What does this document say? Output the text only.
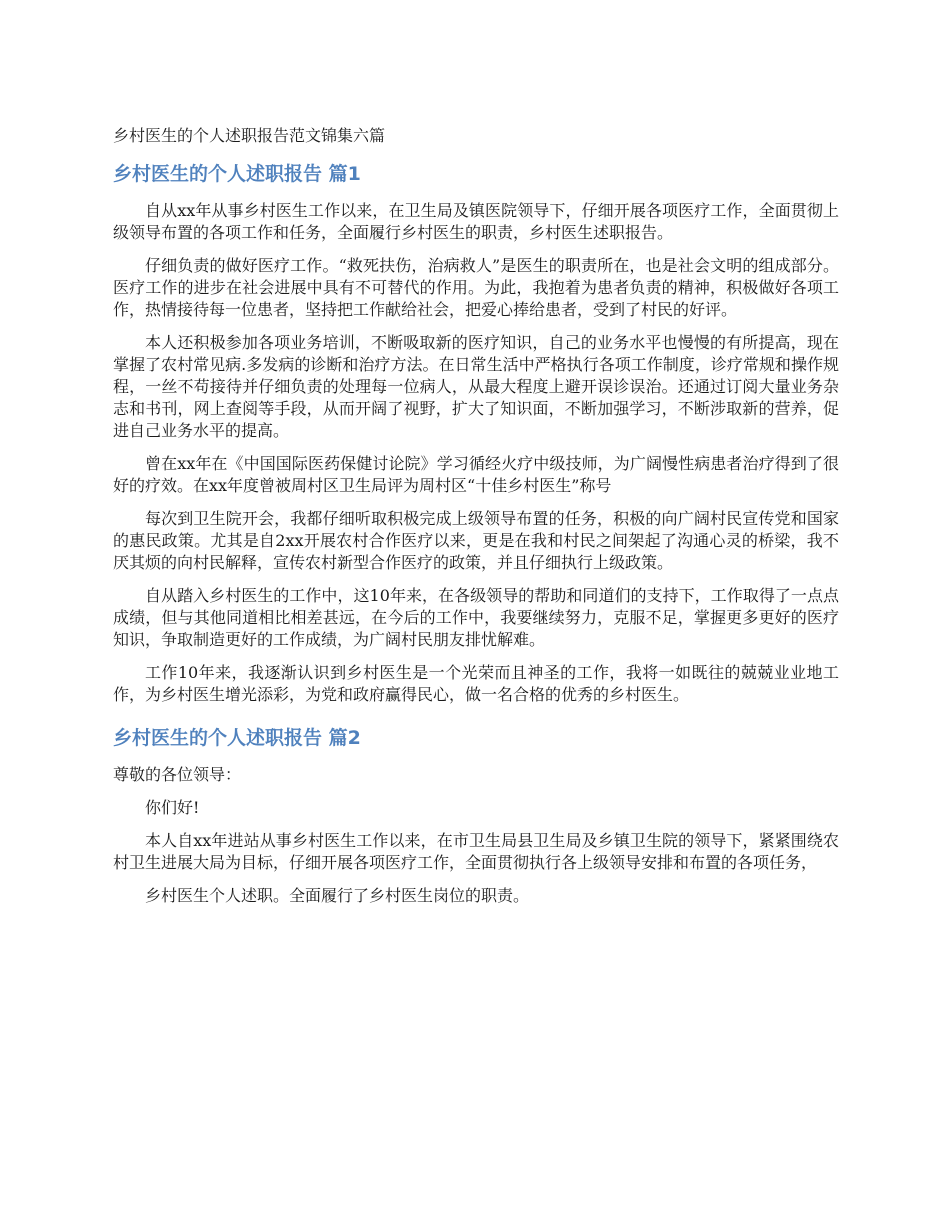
乡村医生的个人述职报告范文锦集六篇
乡村医生的个人述职报告 篇1

自从xx年从事乡村医生工作以来，在卫生局及镇医院领导下，仔细开展各项医疗工作，全面贯彻上级领导布置的各项工作和任务，全面履行乡村医生的职责，乡村医生述职报告。

仔细负责的做好医疗工作。“救死扶伤，治病救人”是医生的职责所在，也是社会文明的组成部分。医疗工作的进步在社会进展中具有不可替代的作用。为此，我抱着为患者负责的精神，积极做好各项工作，热情接待每一位患者，坚持把工作献给社会，把爱心捧给患者，受到了村民的好评。

本人还积极参加各项业务培训，不断吸取新的医疗知识，自己的业务水平也慢慢的有所提高，现在掌握了农村常见病.多发病的诊断和治疗方法。在日常生活中严格执行各项工作制度，诊疗常规和操作规程，一丝不苟接待并仔细负责的处理每一位病人，从最大程度上避开误诊误治。还通过订阅大量业务杂志和书刊，网上查阅等手段，从而开阔了视野，扩大了知识面，不断加强学习，不断涉取新的营养，促进自己业务水平的提高。

曾在xx年在《中国国际医药保健讨论院》学习循经火疗中级技师，为广阔慢性病患者治疗得到了很好的疗效。在xx年度曾被周村区卫生局评为周村区“十佳乡村医生”称号

每次到卫生院开会，我都仔细听取积极完成上级领导布置的任务，积极的向广阔村民宣传党和国家的惠民政策。尤其是自2xx开展农村合作医疗以来，更是在我和村民之间架起了沟通心灵的桥梁，我不厌其烦的向村民解释，宣传农村新型合作医疗的政策，并且仔细执行上级政策。

自从踏入乡村医生的工作中，这10年来，在各级领导的帮助和同道们的支持下，工作取得了一点点成绩，但与其他同道相比相差甚远，在今后的工作中，我要继续努力，克服不足，掌握更多更好的医疗知识，争取制造更好的工作成绩，为广阔村民朋友排忧解难。

工作10年来，我逐渐认识到乡村医生是一个光荣而且神圣的工作，我将一如既往的兢兢业业地工作，为乡村医生增光添彩，为党和政府赢得民心，做一名合格的优秀的乡村医生。

乡村医生的个人述职报告 篇2

尊敬的各位领导：

你们好!

本人自xx年进站从事乡村医生工作以来，在市卫生局县卫生局及乡镇卫生院的领导下，紧紧围绕农村卫生进展大局为目标，仔细开展各项医疗工作，全面贯彻执行各上级领导安排和布置的各项任务，

乡村医生个人述职。全面履行了乡村医生岗位的职责。
